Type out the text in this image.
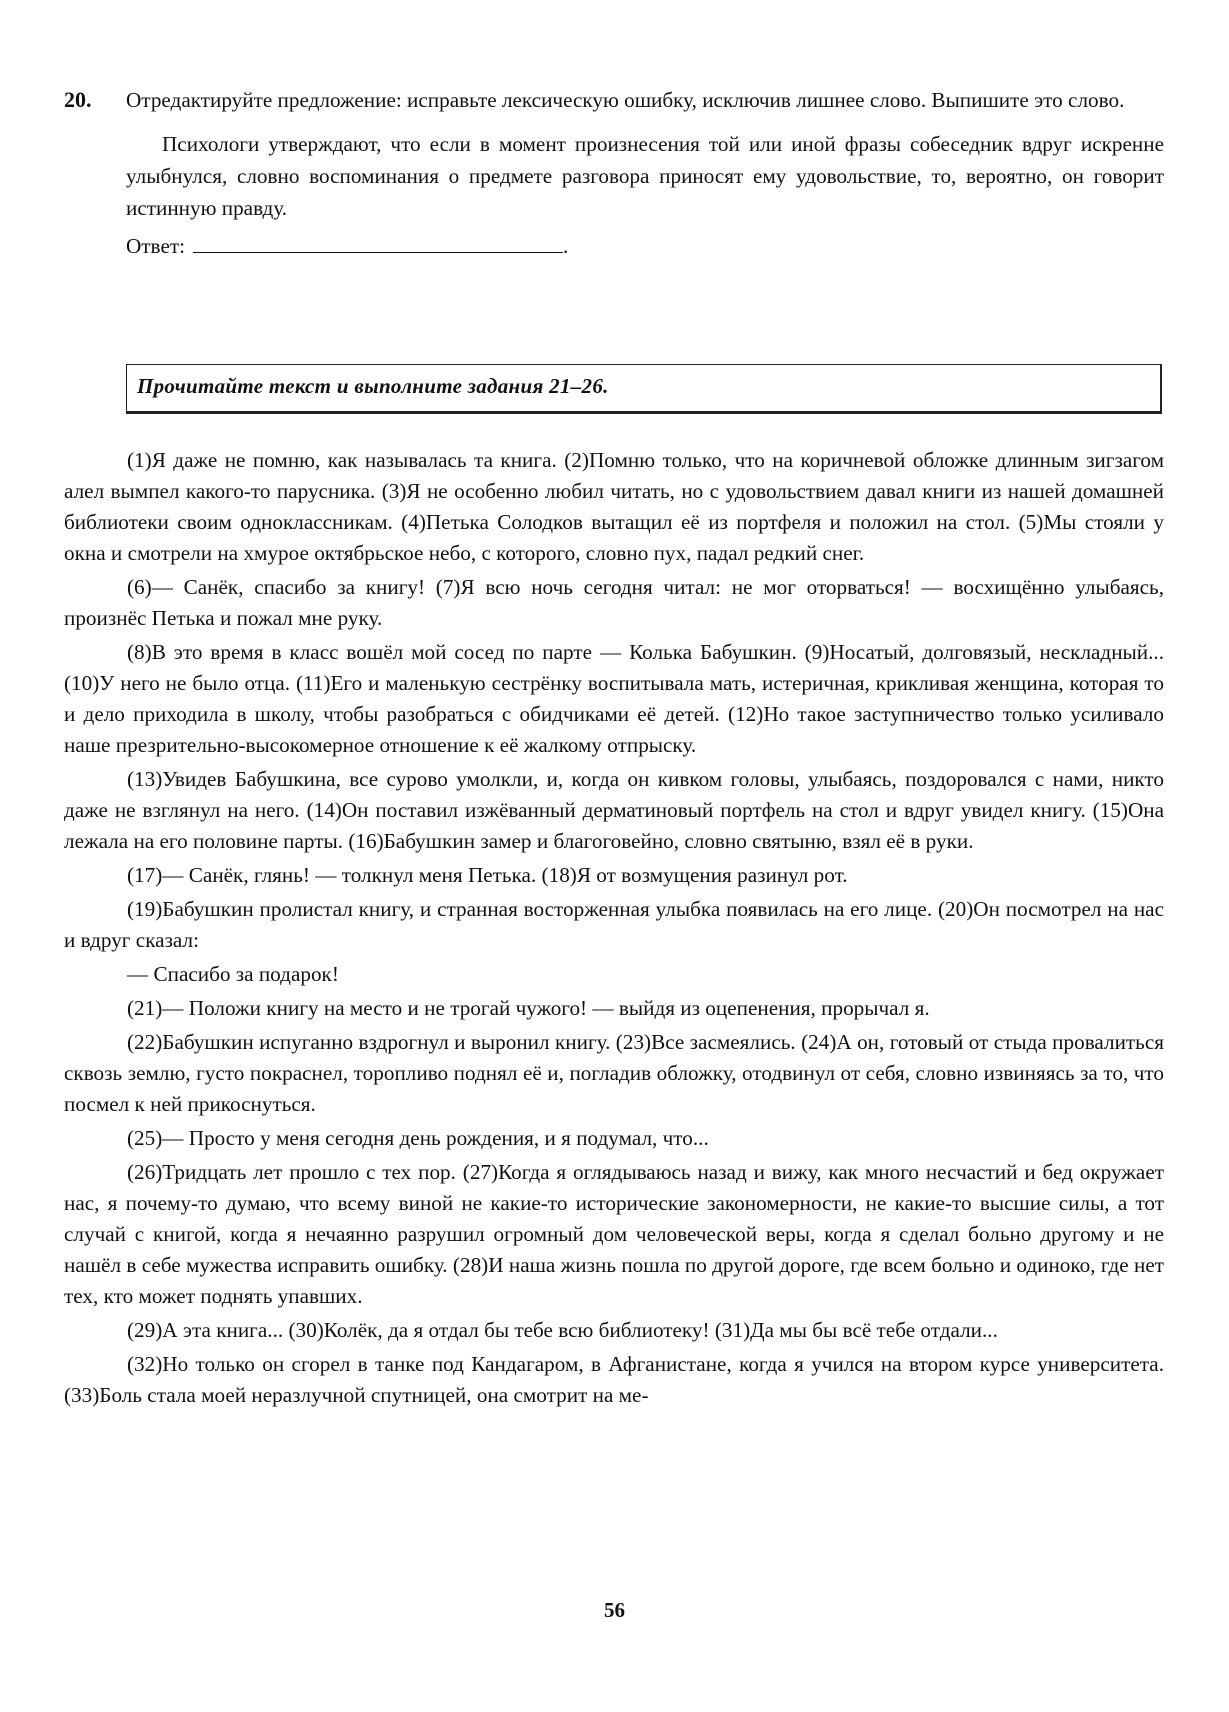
20. Отредактируйте предложение: исправьте лексическую ошибку, исключив лишнее слово. Выпишите это слово.

Психологи утверждают, что если в момент произнесения той или иной фразы собеседник вдруг искренне улыбнулся, словно воспоминания о предмете разговора приносят ему удовольствие, то, вероятно, он говорит истинную правду.

Ответ:	.
Прочитайте текст и выполните задания 21–26.

(1)Я даже не помню, как называлась та книга. (2)Помню только, что на коричневой обложке длинным зигзагом алел вымпел какого-то парусника. (3)Я не особенно любил читать, но с удовольствием давал книги из нашей домашней библиотеки своим одноклассникам. (4)Петька Солодков вытащил её из портфеля и положил на стол. (5)Мы стояли у окна и смотрели на хмурое октябрьское небо, с которого, словно пух, падал редкий снег.

(6)— Санёк, спасибо за книгу! (7)Я всю ночь сегодня читал: не мог оторваться! — восхищённо улыбаясь, произнёс Петька и пожал мне руку.

(8)В это время в класс вошёл мой сосед по парте — Колька Бабушкин. (9)Носатый, долговязый, нескладный... (10)У него не было отца. (11)Его и маленькую сестрёнку воспитывала мать, истеричная, крикливая женщина, которая то и дело приходила в школу, чтобы разобраться с обидчиками её детей. (12)Но такое заступничество только усиливало наше презрительно-высокомерное отношение к её жалкому отпрыску.

(13)Увидев Бабушкина, все сурово умолкли, и, когда он кивком головы, улыбаясь, поздоровался с нами, никто даже не взглянул на него. (14)Он поставил изжёванный дерматиновый портфель на стол и вдруг увидел книгу. (15)Она лежала на его половине парты. (16)Бабушкин замер и благоговейно, словно святыню, взял её в руки.

(17)— Санёк, глянь! — толкнул меня Петька. (18)Я от возмущения разинул рот.

(19)Бабушкин пролистал книгу, и странная восторженная улыбка появилась на его лице. (20)Он посмотрел на нас и вдруг сказал:

— Спасибо за подарок!

(21)— Положи книгу на место и не трогай чужого! — выйдя из оцепенения, прорычал я.

(22)Бабушкин испуганно вздрогнул и выронил книгу. (23)Все засмеялись. (24)А он, готовый от стыда провалиться сквозь землю, густо покраснел, торопливо поднял её и, погладив обложку, отодвинул от себя, словно извиняясь за то, что посмел к ней прикоснуться.

(25)— Просто у меня сегодня день рождения, и я подумал, что...

(26)Тридцать лет прошло с тех пор. (27)Когда я оглядываюсь назад и вижу, как много несчастий и бед окружает нас, я почему-то думаю, что всему виной не какие-то исторические закономерности, не какие-то высшие силы, а тот случай с книгой, когда я нечаянно разрушил огромный дом человеческой веры, когда я сделал больно другому и не нашёл в себе мужества исправить ошибку. (28)И наша жизнь пошла по другой дороге, где всем больно и одиноко, где нет тех, кто может поднять упавших.

(29)А эта книга... (30)Колёк, да я отдал бы тебе всю библиотеку! (31)Да мы бы всё тебе отдали...

(32)Но только он сгорел в танке под Кандагаром, в Афганистане, когда я учился на втором курсе университета. (33)Боль стала моей неразлучной спутницей, она смотрит на ме-

56
